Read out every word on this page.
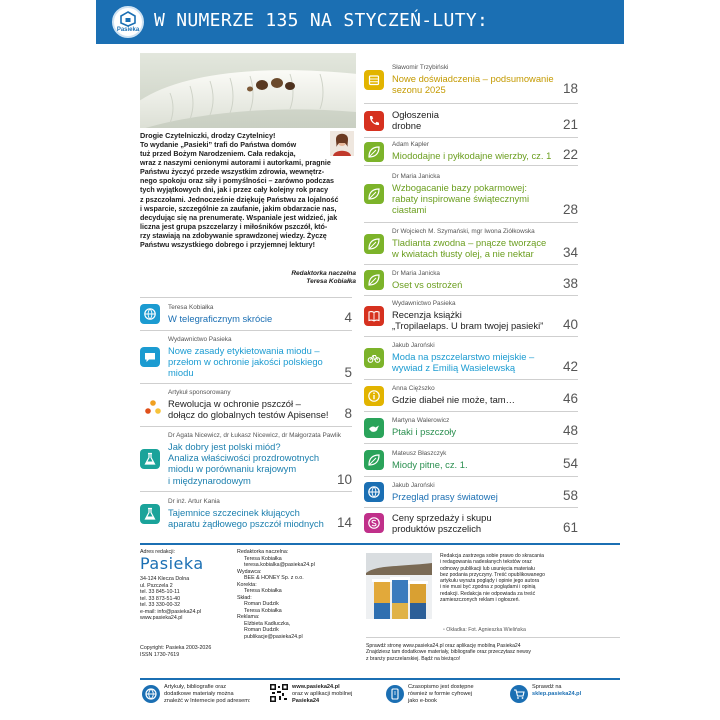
Pasieka W NUMERZE 135 NA STYCZEŃ-LUTY:
Drogie Czytelniczki, drodzy Czytelnicy!
To wydanie „Pasieki” trafi do Państwa domów
tuż przed Bożym Narodzeniem. Cała redakcja,
wraz z naszymi cenionymi autorami i autorkami, pragnie
Państwu życzyć przede wszystkim zdrowia, wewnętrz-
nego spokoju oraz siły i pomyślności – zarówno podczas
tych wyjątkowych dni, jak i przez cały kolejny rok pracy
z pszczołami. Jednocześnie dziękuję Państwu za lojalność
i wsparcie, szczególnie za zaufanie, jakim obdarzacie nas,
decydując się na prenumeratę. Wspaniale jest widzieć, jak
liczna jest grupa pszczelarzy i miłośników pszczół, któ-
rzy stawiają na zdobywanie sprawdzonej wiedzy. Życzę
Państwu wszystkiego dobrego i przyjemnej lektury!
Redaktorka naczelna
Teresa Kobiałka
Teresa Kobiałka
W telegraficznym skrócie	4
Wydawnictwo Pasieka
Nowe zasady etykietowania miodu –
przełom w ochronie jakości polskiego
miodu	5
Artykuł sponsorowany
Rewolucja w ochronie pszczół –
dołącz do globalnych testów Apisense!	8
Dr Agata Nicewicz, dr Łukasz Nicewicz, dr Małgorzata Pawlik
Jak dobry jest polski miód?
Analiza właściwości prozdrowotnych
miodu w porównaniu krajowym
i międzynarodowym	10
Dr inż. Artur Kania
Tajemnice szczecinek kłujących
aparatu żądłowego pszczół miodnych 14
Sławomir Trzybiński
Nowe doświadczenia – podsumowanie
sezonu 2025	18
Ogłoszenia
drobne	21
Adam Kapler
Miododajne i pyłkodajne wierzby, cz. 1 22
Dr Maria Janicka
Wzbogacanie bazy pokarmowej:
rabaty inspirowane świątecznymi
ciastami	28
Dr Wojciech M. Szymański, mgr Iwona Ziółkowska
Tladianta zwodna – pnącze tworzące
w kwiatach tłusty olej, a nie nektar	34
Dr Maria Janicka
Oset vs ostrożeń	38
Wydawnictwo Pasieka
Recenzja książki
„Tropilaelaps. U bram twojej pasieki”	40
Jakub Jaroński
Moda na pszczelarstwo miejskie –
wywiad z Emilią Wasielewską	42
Anna Cięższko
Gdzie diabeł nie może, tam…	46
Martyna Walerowicz
Ptaki i pszczoły	48
Mateusz Błaszczyk
Miody pitne, cz. 1.	54
Jakub Jaroński
Przegląd prasy światowej	58
Ceny sprzedaży i skupu
produktów pszczelich	61
Adres redakcji:
Pasieka
34-124 Klecza Dolna
ul. Pszczela 2
tel. 33 845-10-11
tel. 33 873-51-40
tel. 33 330-00-32
e-mail: info@pasieka24.pl
www.pasieka24.pl
Copyright: Pasieka 2003-2026
ISSN 1730-7619
Redaktorka naczelna:
Teresa Kobiałka
teresa.kobialka@pasieka24.pl
Wydawca:
BEE & HONEY Sp. z o.o.
Korekta:
Teresa Kobiałka
Skład:
Roman Dudzik
Teresa Kobiałka
Reklama:
Elżbieta Kadłuczka,
Roman Dudzik
publikacje@pasieka24.pl
▫ Okładka: Fot. Agnieszka Wielińska
Redakcja zastrzega sobie prawo do skracania
i redagowania nadesłanych tekstów oraz
odmowy publikacji lub usunięcia materiału
bez podania przyczyny. Treść opublikowanego
artykułu wyraża poglądy i opinie jego autora
i nie musi być zgodna z poglądami i opinią
redakcji. Redakcja nie odpowiada za treść
zamieszczonych reklam i ogłoszeń.
Sprawdź stronę www.pasieka24.pl oraz aplikację mobilną Pasieka24
Znajdziesz tam dodatkowe materiały, bibliografie oraz przeczytasz newsy
z branży pszczelarskiej. Bądź na bieżąco!
Artykuły, bibliografie oraz
dodatkowe materiały można
znaleźć w Internecie pod adresem:
www.pasieka24.pl
oraz w aplikacji mobilnej
Pasieka24
Czasopismo jest dostępne
również w formie cyfrowej
jako e-book
Sprawdź na
sklep.pasieka24.pl
